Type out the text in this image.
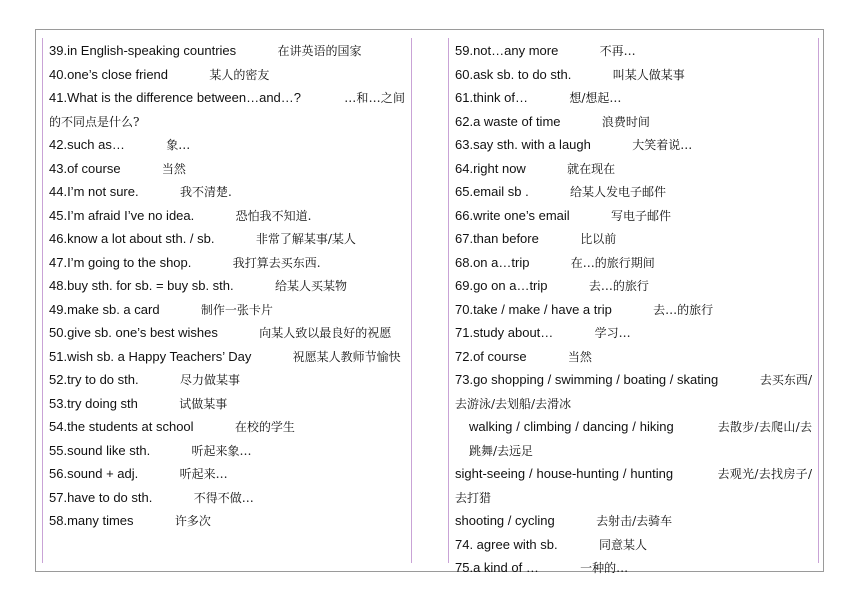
39.in English-speaking countries	在讲英语的国家
40.one’s close friend	某人的密友
41.What is the difference between…and…?	…和…之间的不同点是什么?
42.such as…	象…
43.of course	当然
44.I’m not sure.	我不清楚.
45.I’m afraid I’ve no idea.	恐怕我不知道.
46.know a lot about sth. / sb.	非常了解某事/某人
47.I’m going to the shop.	我打算去买东西.
48.buy sth. for sb. = buy sb. sth.	给某人买某物
49.make sb. a card	制作一张卡片
50.give sb. one’s best wishes	向某人致以最良好的祝愿
51.wish sb. a Happy Teachers’ Day	祝愿某人教师节愉快
52.try to do sth.	尽力做某事
53.try doing sth	试做某事
54.the students at school	在校的学生
55.sound like sth.	听起来象…
56.sound + adj.	听起来…
57.have to do sth.	不得不做…
58.many times	许多次
59.not…any more	不再…
60.ask sb. to do sth.	叫某人做某事
61.think of…	想/想起…
62.a waste of time	浪费时间
63.say sth. with a laugh	大笑着说…
64.right now	就在现在
65.email sb .	给某人发电子邮件
66.write one’s email	写电子邮件
67.than before	比以前
68.on a…trip	在…的旅行期间
69.go on a…trip	去…的旅行
70.take / make / have a trip	去…的旅行
71.study about…	学习…
72.of course	当然
73.go shopping / swimming / boating / skating	去买东西/去游泳/去划船/去滑冰
walking / climbing / dancing / hiking	去散步/去爬山/去跳舞/去远足
sight-seeing / house-hunting / hunting	去观光/去找房子/去打猎
shooting / cycling	去射击/去骑车
74. agree with sb.	同意某人
75.a kind of …	一种的…
